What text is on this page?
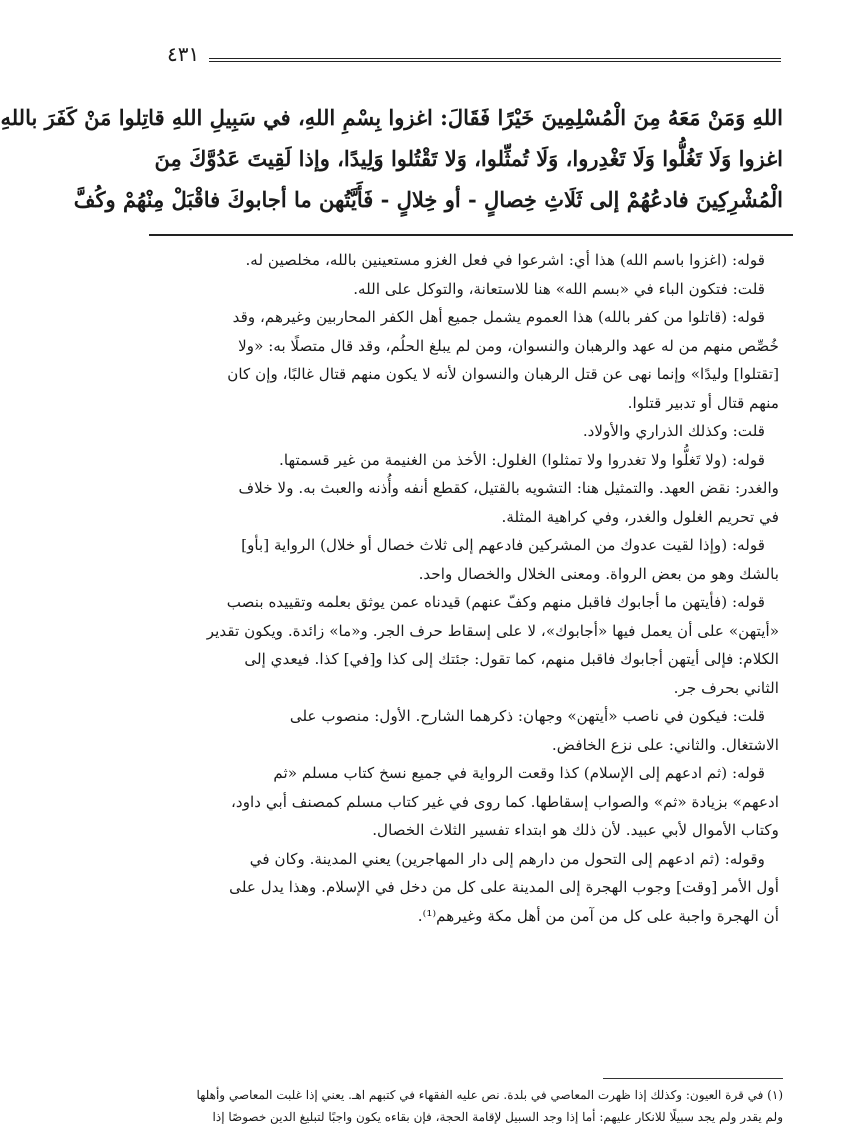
٤٣١
اللهِ وَمَنْ مَعَهُ مِنَ الْمُسْلِمِينَ خَيْرًا فَقَالَ: اغزوا بِسْمِ اللهِ، في سَبِيلِ اللهِ قاتِلوا مَنْ كَفَرَ باللهِ
اغزوا وَلَا تَغُلُّوا وَلَا تَغْدِروا، وَلَا تُمثِّلوا، وَلا تَقْتُلوا وَلِيدًا، وإذا لَقِيتَ عَدُوَّكَ مِنَ
الْمُشْرِكِينَ فادعُهُمْ إلى ثَلَاثِ خِصالٍ - أو خِلالٍ - فَأَيَّتُهن ما أجابوكَ فاقْبَلْ مِنْهُمْ وكُفَّ
قوله: (اغزوا باسم الله) هذا أي: اشرعوا في فعل الغزو مستعينين بالله، مخلصين له.
قلت: فتكون الباء في «بسم الله» هنا للاستعانة، والتوكل على الله.
قوله: (قاتلوا من كفر بالله) هذا العموم يشمل جميع أهل الكفر المحاربين وغيرهم، وقد
خُصِّص منهم من له عهد والرهبان والنسوان، ومن لم يبلغ الحلُم، وقد قال متصلًا به: «ولا
[تقتلوا] وليدًا» وإنما نهى عن قتل الرهبان والنسوان لأنه لا يكون منهم قتال غالبًا، وإن كان
منهم قتال أو تدبير قتلوا.
قلت: وكذلك الذراري والأولاد.
قوله: (ولا تَغلُّوا ولا تغدروا ولا تمثلوا) الغلول: الأخذ من الغنيمة من غير قسمتها.
والغدر: نقض العهد. والتمثيل هنا: التشويه بالقتيل، كقطع أنفه وأُذنه والعبث به. ولا خلاف
في تحريم الغلول والغدر، وفي كراهية المثلة.
قوله: (وإذا لقيت عدوك من المشركين فادعهم إلى ثلاث خصال أو خلال) الرواية [بأو]
بالشك وهو من بعض الرواة. ومعنى الخلال والخصال واحد.
قوله: (فأيتهن ما أجابوك فاقبل منهم وكفّ عنهم) قيدناه عمن يوثق بعلمه وتقييده بنصب
«أيتهن» على أن يعمل فيها «أجابوك»، لا على إسقاط حرف الجر. و«ما» زائدة. ويكون تقدير
الكلام: فإلى أيتهن أجابوك فاقبل منهم، كما تقول: جئتك إلى كذا و[في] كذا. فيعدي إلى
الثاني بحرف جر.
قلت: فيكون في ناصب «أيتهن» وجهان: ذكرهما الشارح. الأول: منصوب على
الاشتغال. والثاني: على نزع الخافض.
قوله: (ثم ادعهم إلى الإسلام) كذا وقعت الرواية في جميع نسخ كتاب مسلم «ثم
ادعهم» بزيادة «ثم» والصواب إسقاطها. كما روى في غير كتاب مسلم كمصنف أبي داود،
وكتاب الأموال لأبي عبيد. لأن ذلك هو ابتداء تفسير الثلاث الخصال.
وقوله: (ثم ادعهم إلى التحول من دارهم إلى دار المهاجرين) يعني المدينة. وكان في
أول الأمر [وقت] وجوب الهجرة إلى المدينة على كل من دخل في الإسلام. وهذا يدل على
أن الهجرة واجبة على كل من آمن من أهل مكة وغيرهم⁽¹⁾.
(١) في قرة العيون: وكذلك إذا ظهرت المعاصي في بلدة. نص عليه الفقهاء في كتبهم اهـ. يعني إذا غلبت المعاصي وأهلها
ولم يقدر ولم يجد سبيلًا للانكار عليهم: أما إذا وجد السبيل لإقامة الحجة، فإن بقاءه يكون واجبًا لتبليغ الدين خصوصًا إذا
